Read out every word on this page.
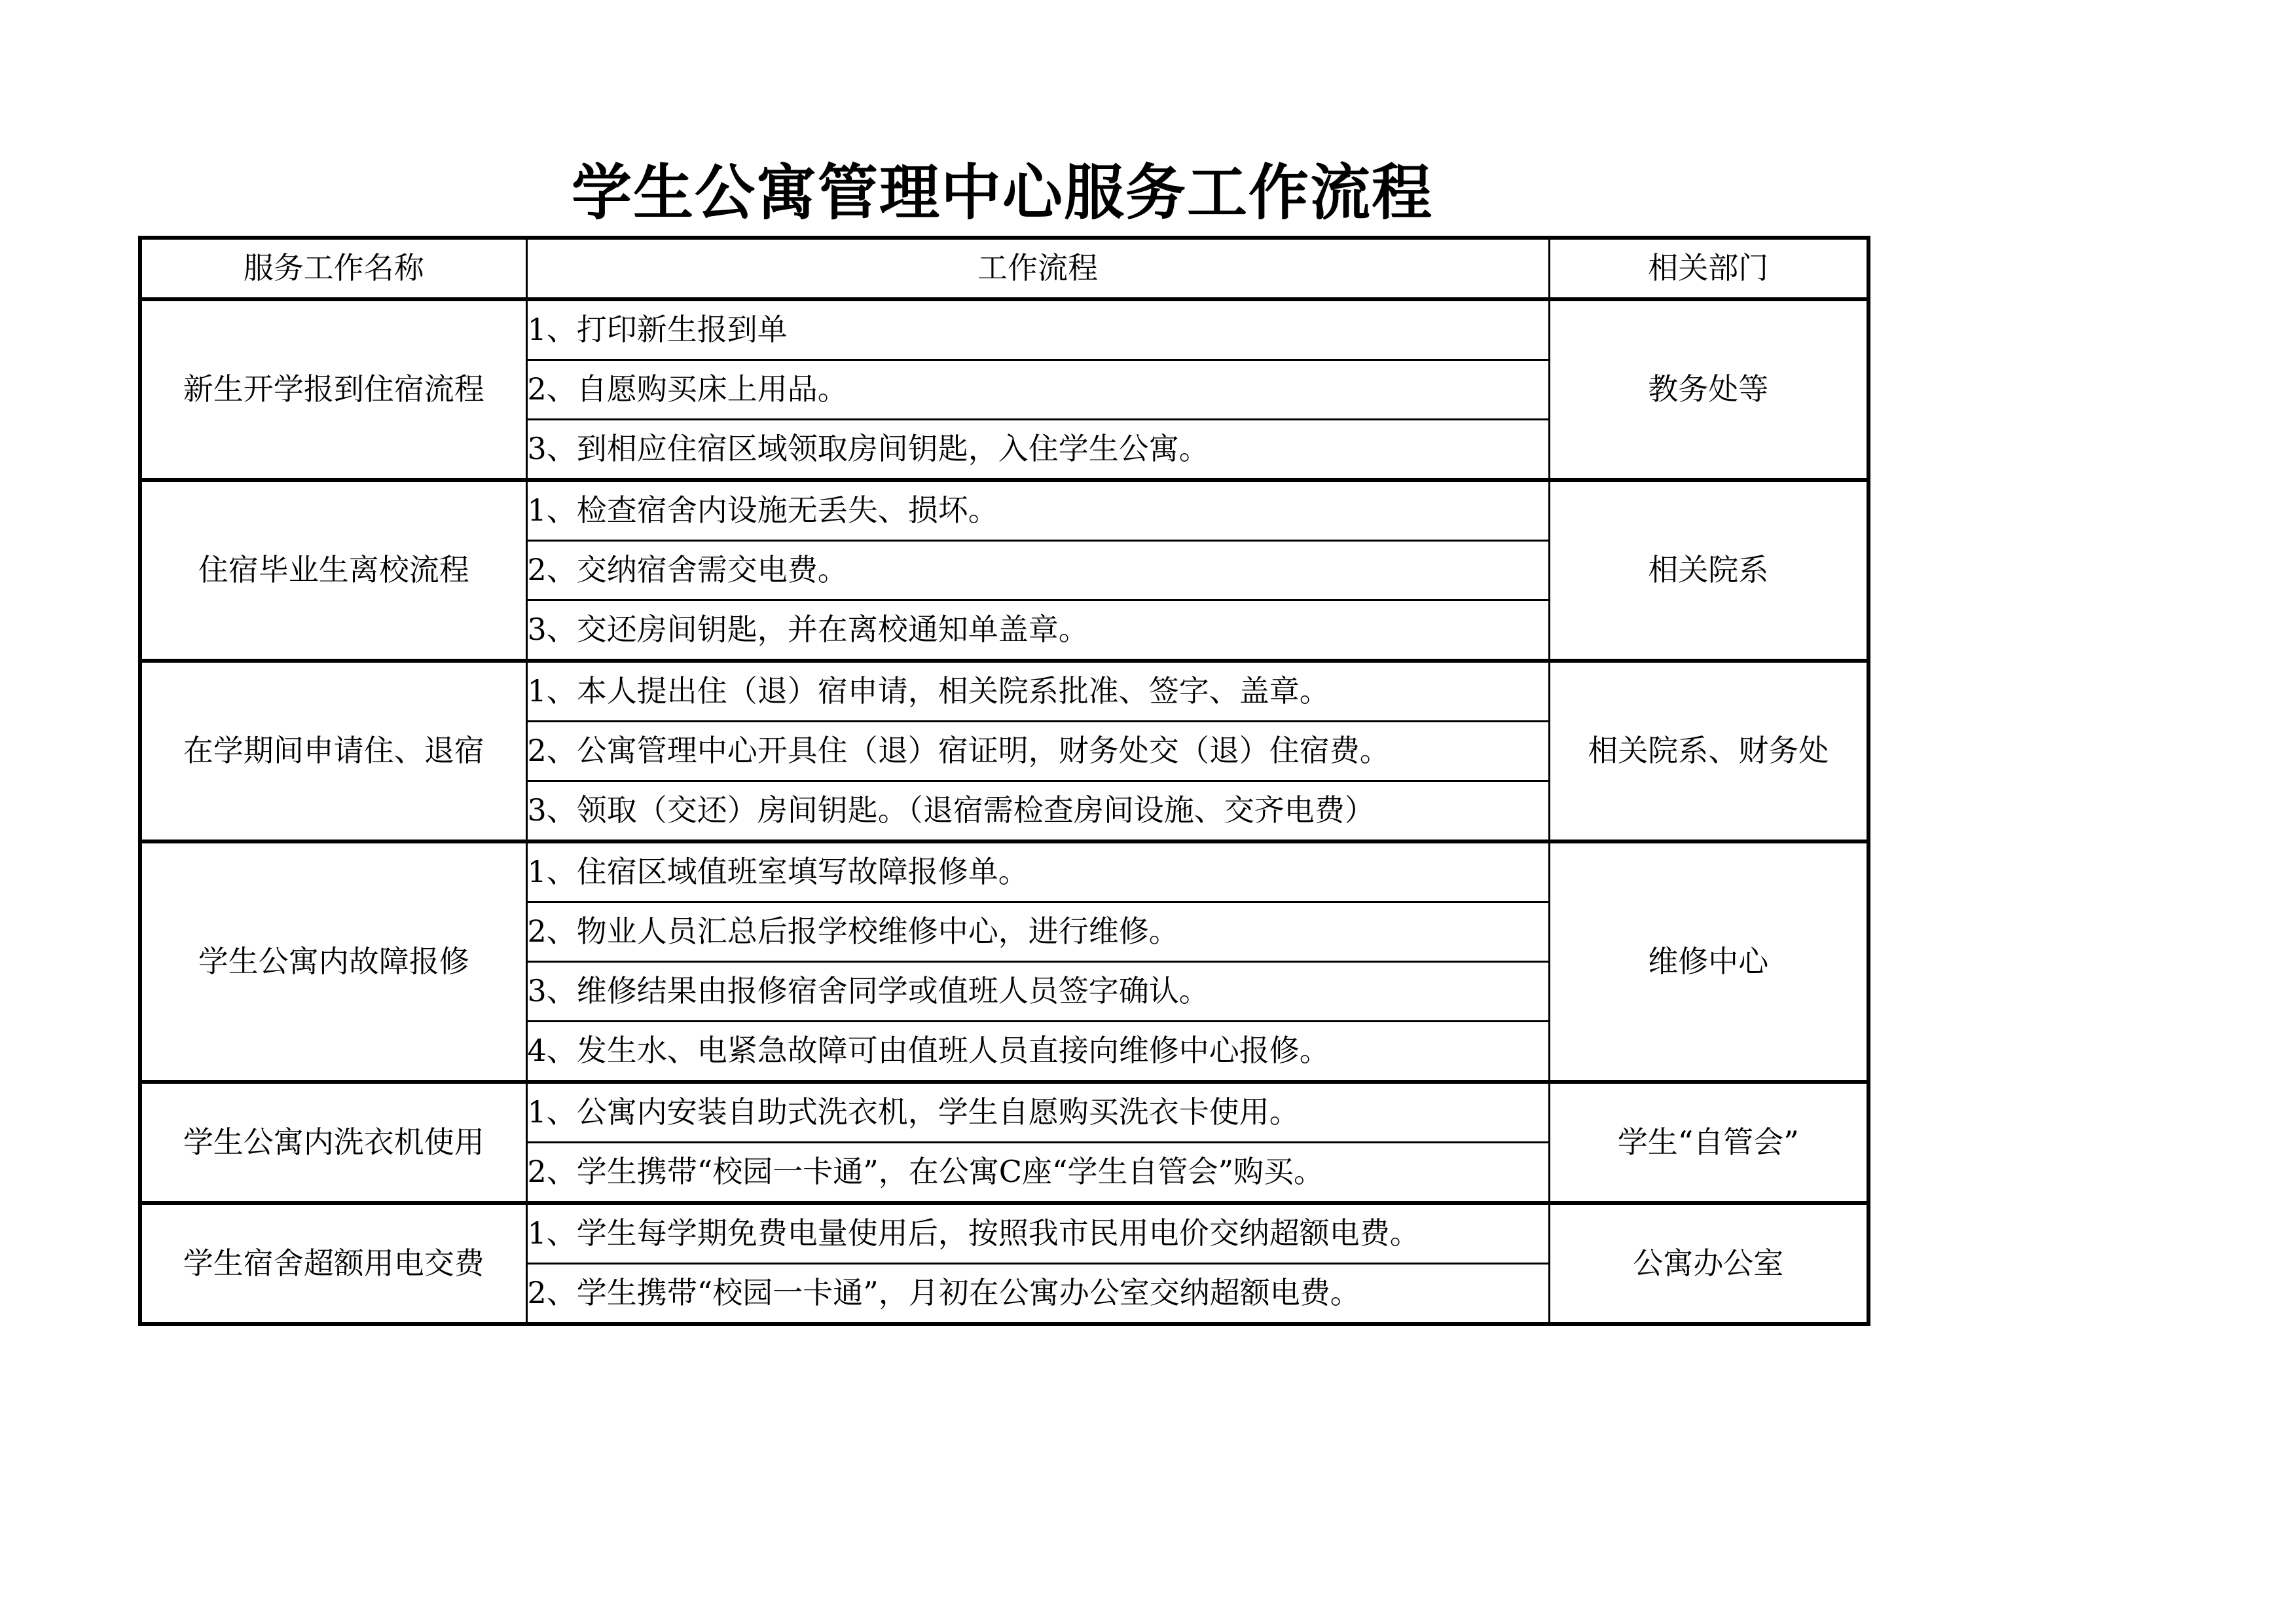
学生公寓管理中心服务工作流程
服务工作名称	工作流程	相关部门
新生开学报到住宿流程	1、打印新生报到单	教务处等
	2、自愿购买床上用品。	
	3、到相应住宿区域领取房间钥匙，入住学生公寓。	
住宿毕业生离校流程	1、检查宿舍内设施无丢失、损坏。	相关院系
	2、交纳宿舍需交电费。	
	3、交还房间钥匙，并在离校通知单盖章。	
在学期间申请住、退宿	1、本人提出住（退）宿申请，相关院系批准、签字、盖章。	相关院系、财务处
	2、公寓管理中心开具住（退）宿证明，财务处交（退）住宿费。	
	3、领取（交还）房间钥匙。（退宿需检查房间设施、交齐电费）	
学生公寓内故障报修	1、住宿区域值班室填写故障报修单。	维修中心
	2、物业人员汇总后报学校维修中心，进行维修。	
	3、维修结果由报修宿舍同学或值班人员签字确认。	
	4、发生水、电紧急故障可由值班人员直接向维修中心报修。	
学生公寓内洗衣机使用	1、公寓内安装自助式洗衣机，学生自愿购买洗衣卡使用。	学生“自管会”
	2、学生携带“校园一卡通”，在公寓C座“学生自管会”购买。	
学生宿舍超额用电交费	1、学生每学期免费电量使用后，按照我市民用电价交纳超额电费。	公寓办公室
	2、学生携带“校园一卡通”，月初在公寓办公室交纳超额电费。	
